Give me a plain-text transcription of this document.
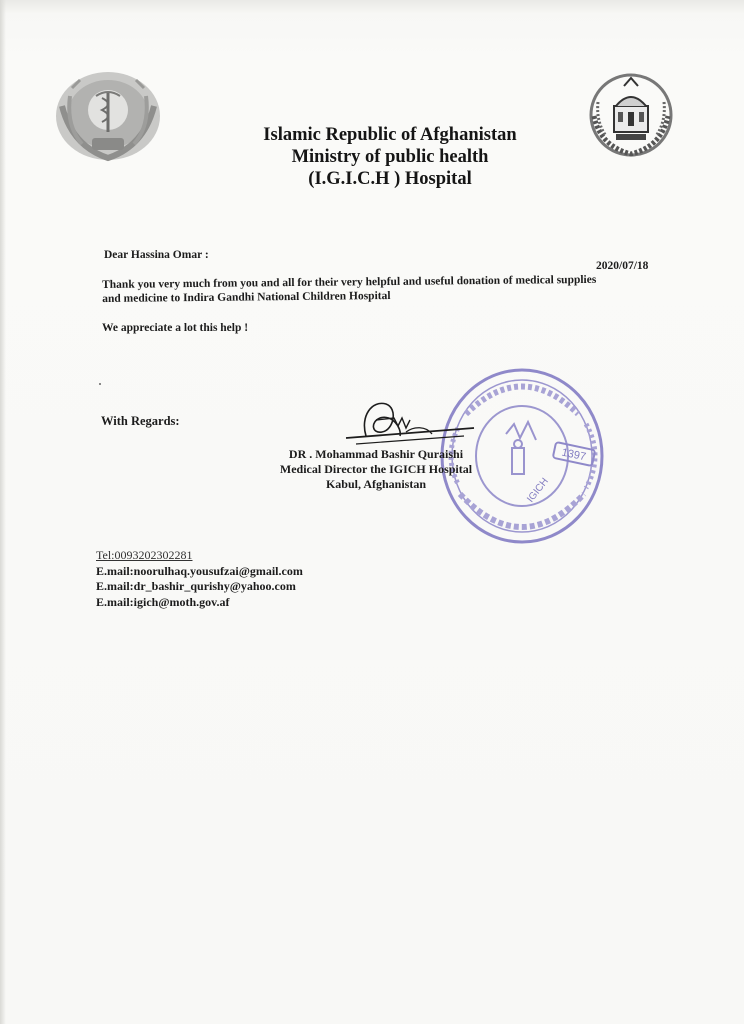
Islamic Republic of Afghanistan
Ministry of public health
(I.G.I.C.H ) Hospital
Dear Hassina Omar :
2020/07/18
Thank you very much from you and all for their very helpful and useful donation of medical supplies
and medicine to Indira Gandhi National Children Hospital
We appreciate a lot this help !
With Regards:
1397
IGICH
DR . Mohammad Bashir Quraishi
Medical Director the IGICH Hospital
Kabul, Afghanistan
Tel:0093202302281
E.mail:noorulhaq.yousufzai@gmail.com
E.mail:dr_bashir_qurishy@yahoo.com
E.mail:igich@moth.gov.af
